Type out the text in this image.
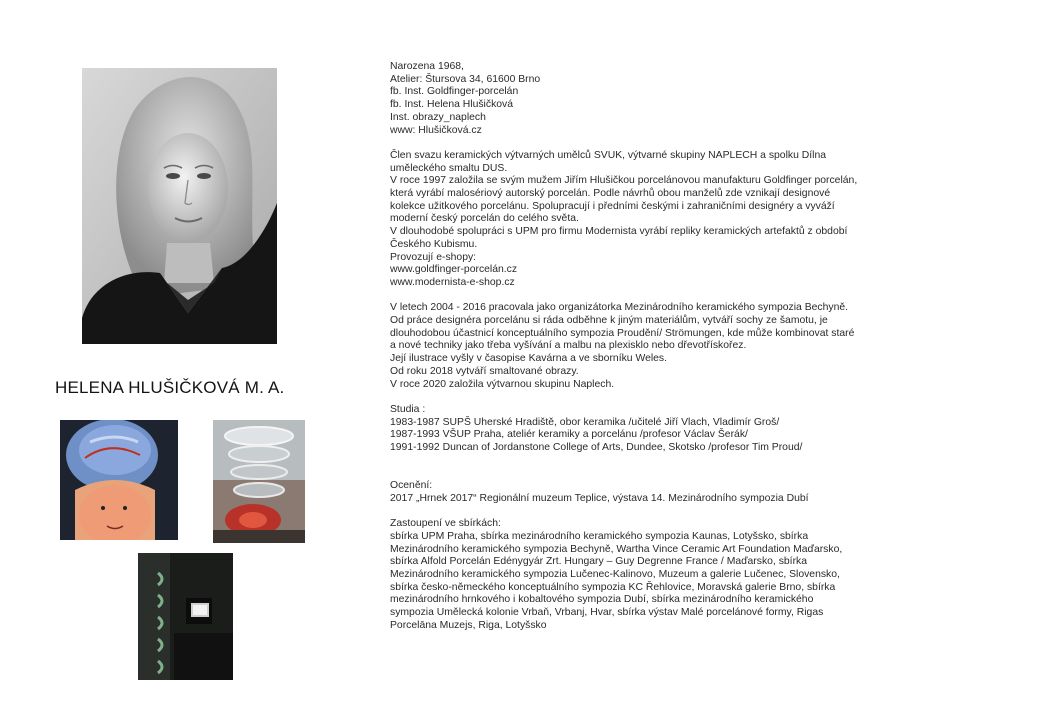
HELENA HLUŠIČKOVÁ M. A.
Narozena 1968,
Atelier: Štursova 34, 61600 Brno
fb. Inst. Goldfinger-porcelán
fb. Inst. Helena Hlušičková
Inst. obrazy_naplech
www: Hlušičková.cz
Člen svazu keramických výtvarných umělců SVUK, výtvarné skupiny NAPLECH a spolku Dílna
uměleckého smaltu DUS.
V roce 1997 založila se svým mužem Jiřím Hlušičkou porcelánovou manufakturu Goldfinger porcelán,
která vyrábí malosériový autorský porcelán. Podle návrhů obou manželů zde vznikají designové
kolekce užitkového porcelánu. Spolupracují i předními českými i zahraničními designéry a vyváží
moderní český porcelán do celého světa.
V dlouhodobé spolupráci s UPM pro firmu Modernista vyrábí repliky keramických artefaktů z období
Českého Kubismu.
Provozují e-shopy:
www.goldfinger-porcelán.cz
www.modernista-e-shop.cz
V letech 2004 - 2016 pracovala jako organizátorka Mezinárodního keramického sympozia Bechyně.
Od práce designéra porcelánu si ráda odběhne k jiným materiálům, vytváří sochy ze šamotu, je
dlouhodobou účastnicí konceptuálního sympozia Proudění/ Strömungen, kde může kombinovat staré
a nové techniky jako třeba vyšívání a malbu na plexisklo nebo dřevotřískořez.
Její ilustrace vyšly v časopise Kavárna a ve sborníku Weles.
Od roku 2018 vytváří smaltované obrazy.
V roce 2020 založila výtvarnou skupinu Naplech.
Studia :
1983-1987 SUPŠ Uherské Hradiště, obor keramika /učitelé Jiří Vlach, Vladimír Groš/
1987-1993 VŠUP Praha, ateliér keramiky a porcelánu /profesor Václav Šerák/
1991-1992 Duncan of Jordanstone College of Arts, Dundee, Skotsko /profesor Tim Proud/
Ocenění:
2017 „Hrnek 2017“ Regionální muzeum Teplice, výstava 14. Mezinárodního sympozia Dubí
Zastoupení ve sbírkách:
sbírka UPM Praha, sbírka mezinárodního keramického sympozia Kaunas, Lotyšsko, sbírka
Mezinárodního keramického sympozia Bechyně, Wartha Vince Ceramic Art Foundation Maďarsko,
sbírka Alfold Porcelán Edénygyár Zrt. Hungary – Guy Degrenne France / Maďarsko, sbírka
Mezinárodního keramického sympozia Lučenec-Kalinovo, Muzeum a galerie Lučenec, Slovensko,
sbírka česko-německého konceptuálního sympozia KC Řehlovice, Moravská galerie Brno, sbírka
mezinárodního hrnkového i kobaltového sympozia Dubí, sbírka mezinárodního keramického
sympozia Umělecká kolonie Vrbaň, Vrbanj, Hvar, sbírka výstav Malé porcelánové formy, Rigas
Porcelāna Muzejs, Riga, Lotyšsko
